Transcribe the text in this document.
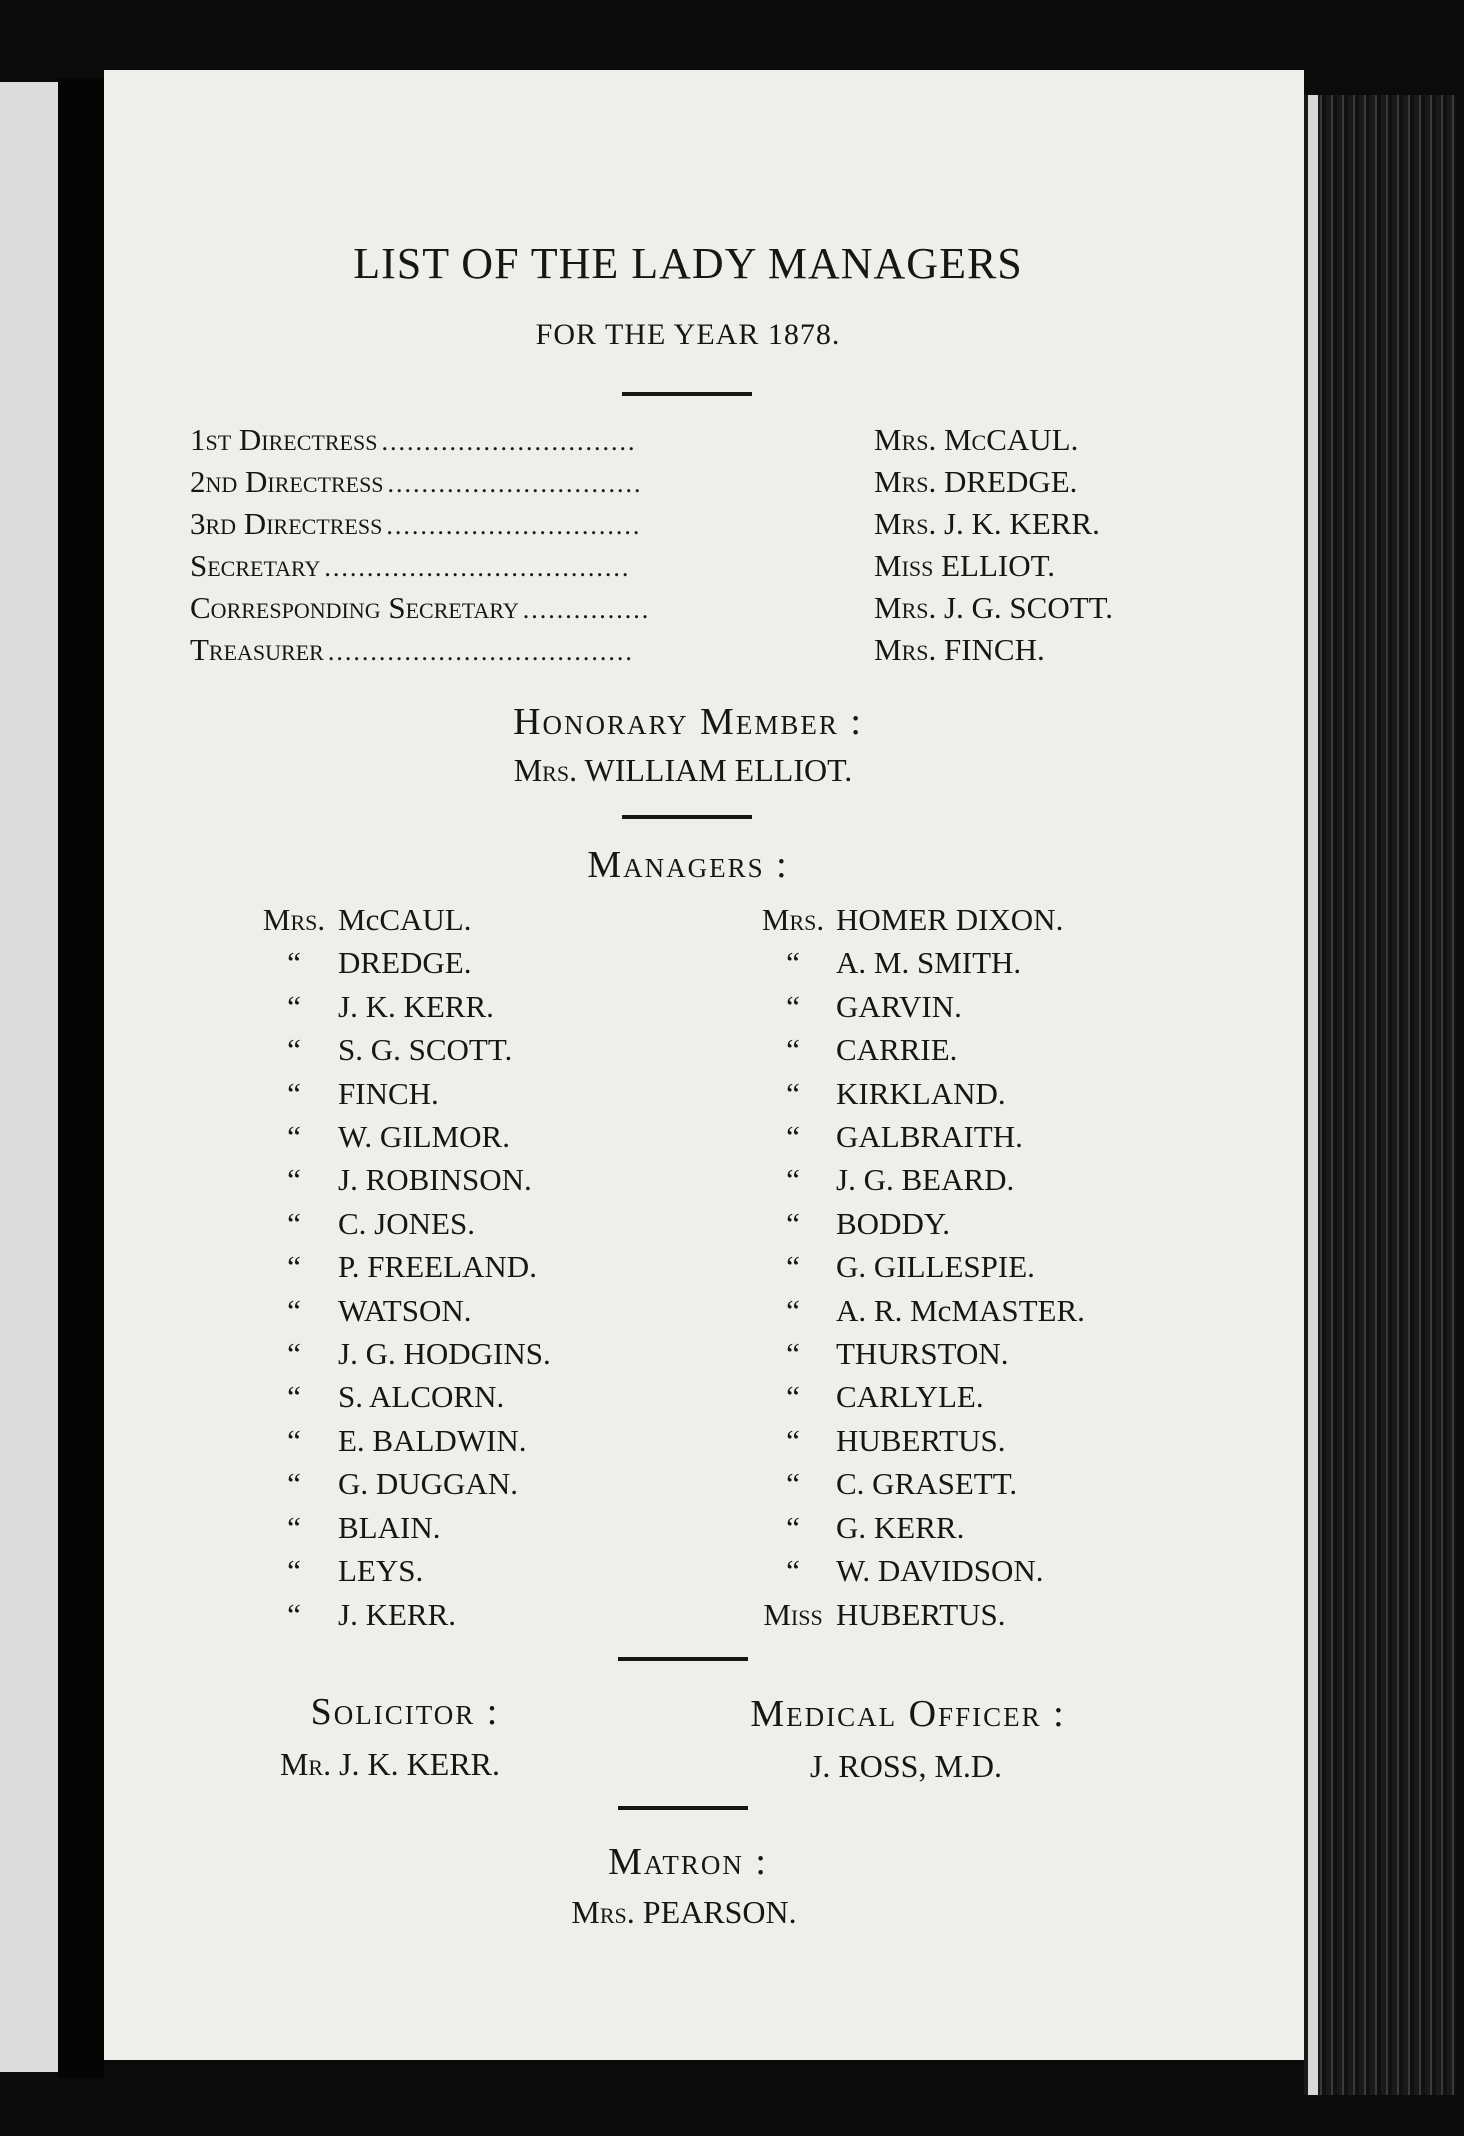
LIST OF THE LADY MANAGERS
FOR THE YEAR 1878.
1st Directress ..............................	Mrs. McCAUL.
2nd Directress ..............................	Mrs. DREDGE.
3rd Directress ..............................	Mrs. J. K. KERR.
Secretary ....................................	Miss ELLIOT.
Corresponding Secretary ...............	Mrs. J. G. SCOTT.
Treasurer ....................................	Mrs. FINCH.
Honorary Member :
Mrs. WILLIAM ELLIOT.
Managers :
Mrs. McCAUL.
“	DREDGE.
“	J. K. KERR.
“	S. G. SCOTT.
“	FINCH.
“	W. GILMOR.
“	J. ROBINSON.
“	C. JONES.
“	P. FREELAND.
“	WATSON.
“	J. G. HODGINS.
“	S. ALCORN.
“	E. BALDWIN.
“	G. DUGGAN.
“	BLAIN.
“	LEYS.
“	J. KERR.
Mrs. HOMER DIXON.
“	A. M. SMITH.
“	GARVIN.
“	CARRIE.
“	KIRKLAND.
“	GALBRAITH.
“	J. G. BEARD.
“	BODDY.
“	G. GILLESPIE.
“	A. R. McMASTER.
“	THURSTON.
“	CARLYLE.
“	HUBERTUS.
“	C. GRASETT.
“	G. KERR.
“	W. DAVIDSON.
Miss HUBERTUS.
Solicitor :
Mr. J. K. KERR.
Medical Officer :
J. ROSS, M.D.
Matron :
Mrs. PEARSON.
